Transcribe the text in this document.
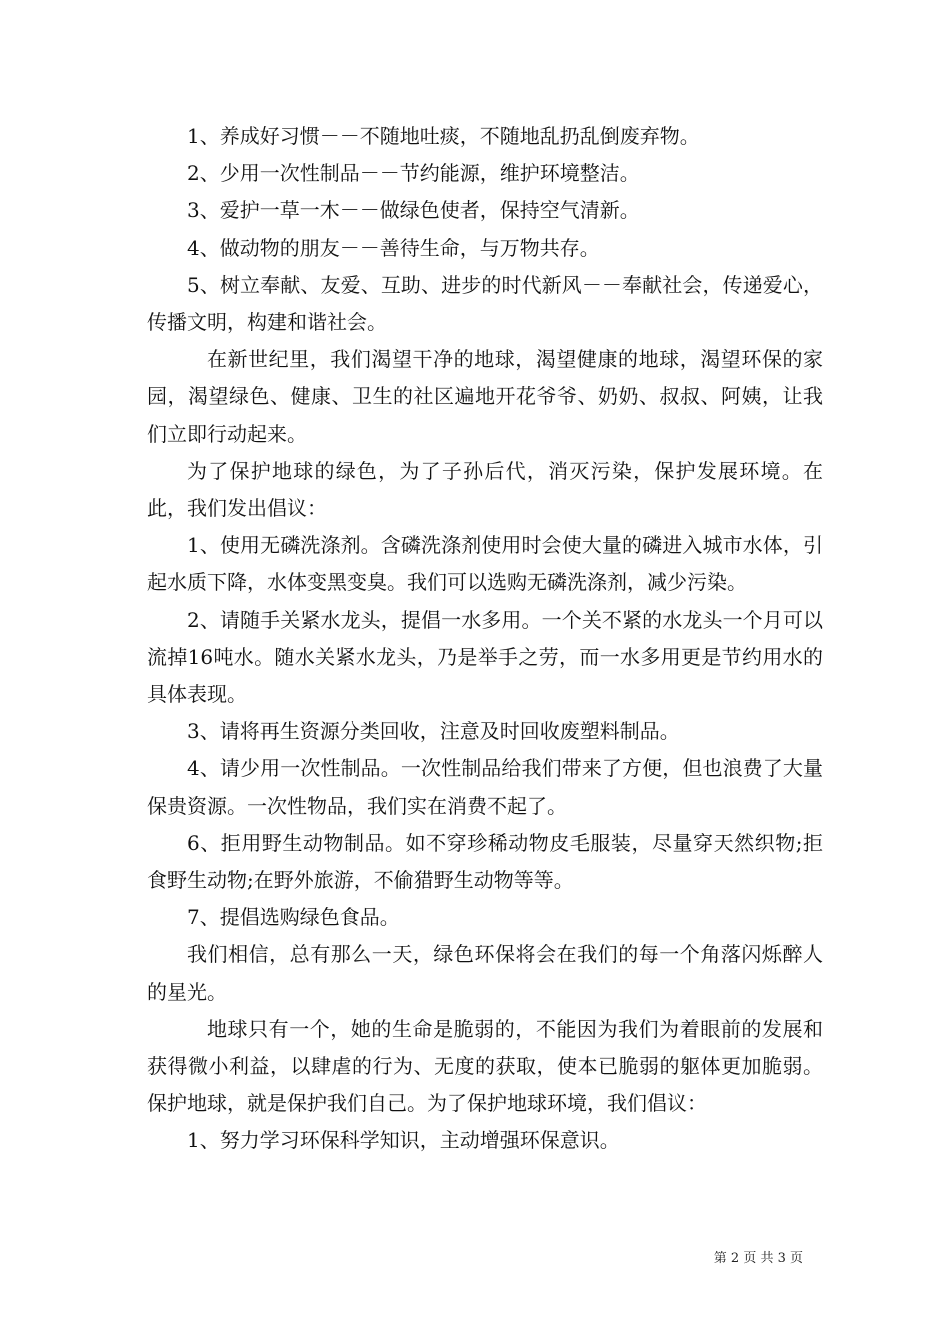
1、养成好习惯－－不随地吐痰，不随地乱扔乱倒废弃物。

2、少用一次性制品－－节约能源，维护环境整洁。

3、爱护一草一木－－做绿色使者，保持空气清新。

4、做动物的朋友－－善待生命，与万物共存。

5、树立奉献、友爱、互助、进步的时代新风－－奉献社会，传递爱心，传播文明，构建和谐社会。

在新世纪里，我们渴望干净的地球，渴望健康的地球，渴望环保的家园，渴望绿色、健康、卫生的社区遍地开花爷爷、奶奶、叔叔、阿姨，让我们立即行动起来。

为了保护地球的绿色，为了子孙后代，消灭污染，保护发展环境。在此，我们发出倡议：

1、使用无磷洗涤剂。含磷洗涤剂使用时会使大量的磷进入城市水体，引起水质下降，水体变黑变臭。我们可以选购无磷洗涤剂，减少污染。

2、请随手关紧水龙头，提倡一水多用。一个关不紧的水龙头一个月可以流掉16吨水。随水关紧水龙头，乃是举手之劳，而一水多用更是节约用水的具体表现。

3、请将再生资源分类回收，注意及时回收废塑料制品。

4、请少用一次性制品。一次性制品给我们带来了方便，但也浪费了大量保贵资源。一次性物品，我们实在消费不起了。

6、拒用野生动物制品。如不穿珍稀动物皮毛服装，尽量穿天然织物;拒食野生动物;在野外旅游，不偷猎野生动物等等。

7、提倡选购绿色食品。

我们相信，总有那么一天，绿色环保将会在我们的每一个角落闪烁醉人的星光。

地球只有一个，她的生命是脆弱的，不能因为我们为着眼前的发展和获得微小利益，以肆虐的行为、无度的获取，使本已脆弱的躯体更加脆弱。保护地球，就是保护我们自己。为了保护地球环境，我们倡议：

1、努力学习环保科学知识，主动增强环保意识。

第 2 页 共 3 页
